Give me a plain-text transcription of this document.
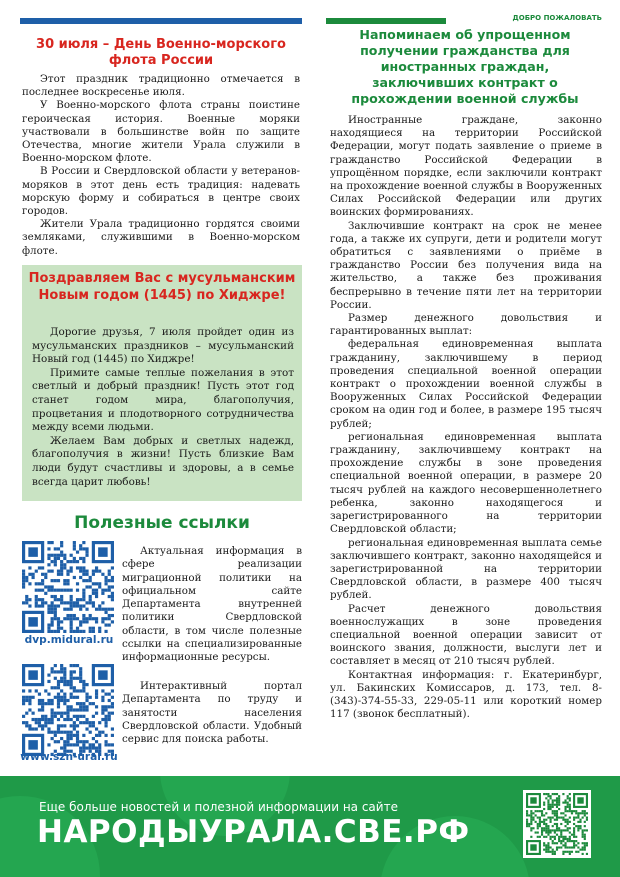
ДОБРО ПОЖАЛОВАТЬ
30 июля – День Военно-морского флота России

Этот праздник традиционно отмечается в последнее воскресенье июля.

У Военно-морского флота страны поистине героическая история. Военные моряки участвовали в большинстве войн по защите Отечества, многие жители Урала служили в Военно-морском флоте.

В России и Свердловской области у ветеранов-моряков в этот день есть традиция: надевать морскую форму и собираться в центре своих городов.

Жители Урала традиционно гордятся своими земляками, служившими в Военно-морском флоте.

Поздравляем Вас с мусульманским Новым годом (1445) по Хиджре!

Дорогие друзья, 7 июля пройдет один из мусульманских праздников – мусульманский Новый год (1445) по Хиджре!

Примите самые теплые пожелания в этот светлый и добрый праздник! Пусть этот год станет годом мира, благополучия, процветания и плодотворного сотрудничества между всеми людьми.

Желаем Вам добрых и светлых надежд, благополучия в жизни! Пусть близкие Вам люди будут счастливы и здоровы, а в семье всегда царит любовь!

Полезные ссылки
dvp.midural.ru

Актуальная информация в сфере реализации миграционной политики на официальном сайте Департамента внутренней политики Свердловской области, в том числе полезные ссылки на специализированные информационные ресурсы.

www.szn-ural.ru

Интерактивный портал Департамента по труду и занятости населения Свердловской области. Удобный сервис для поиска работы.

Напоминаем об упрощенном получении гражданства для иностранных граждан, заключивших контракт о прохождении военной службы

Иностранные граждане, законно находящиеся на территории Российской Федерации, могут подать заявление о приеме в гражданство Российской Федерации в упрощённом порядке, если заключили контракт на прохождение военной службы в Вооруженных Силах Российской Федерации или других воинских формированиях.

Заключившие контракт на срок не менее года, а также их супруги, дети и родители могут обратиться с заявлениями о приёме в гражданство России без получения вида на жительство, а также без проживания беспрерывно в течение пяти лет на территории России.

Размер денежного довольствия и гарантированных выплат:

федеральная единовременная выплата гражданину, заключившему в период проведения специальной военной операции контракт о прохождении военной службы в Вооруженных Силах Российской Федерации сроком на один год и более, в размере 195 тысяч рублей;

региональная единовременная выплата гражданину, заключившему контракт на прохождение службы в зоне проведения специальной военной операции, в размере 20 тысяч рублей на каждого несовершеннолетнего ребенка, законно находящегося и зарегистрированного на территории Свердловской области;

региональная единовременная выплата семье заключившего контракт, законно находящейся и зарегистрированной на территории Свердловской области, в размере 400 тысяч рублей.

Расчет денежного довольствия военнослужащих в зоне проведения специальной военной операции зависит от воинского звания, должности, выслуги лет и составляет в месяц от 210 тысяч рублей.

Контактная информация: г. Екатеринбург, ул. Бакинских Комиссаров, д. 173, тел. 8-(343)-374-55-33, 229-05-11 или короткий номер 117 (звонок бесплатный).

Еще больше новостей и полезной информации на сайте
НАРОДЫУРАЛА.СВЕ.РФ
